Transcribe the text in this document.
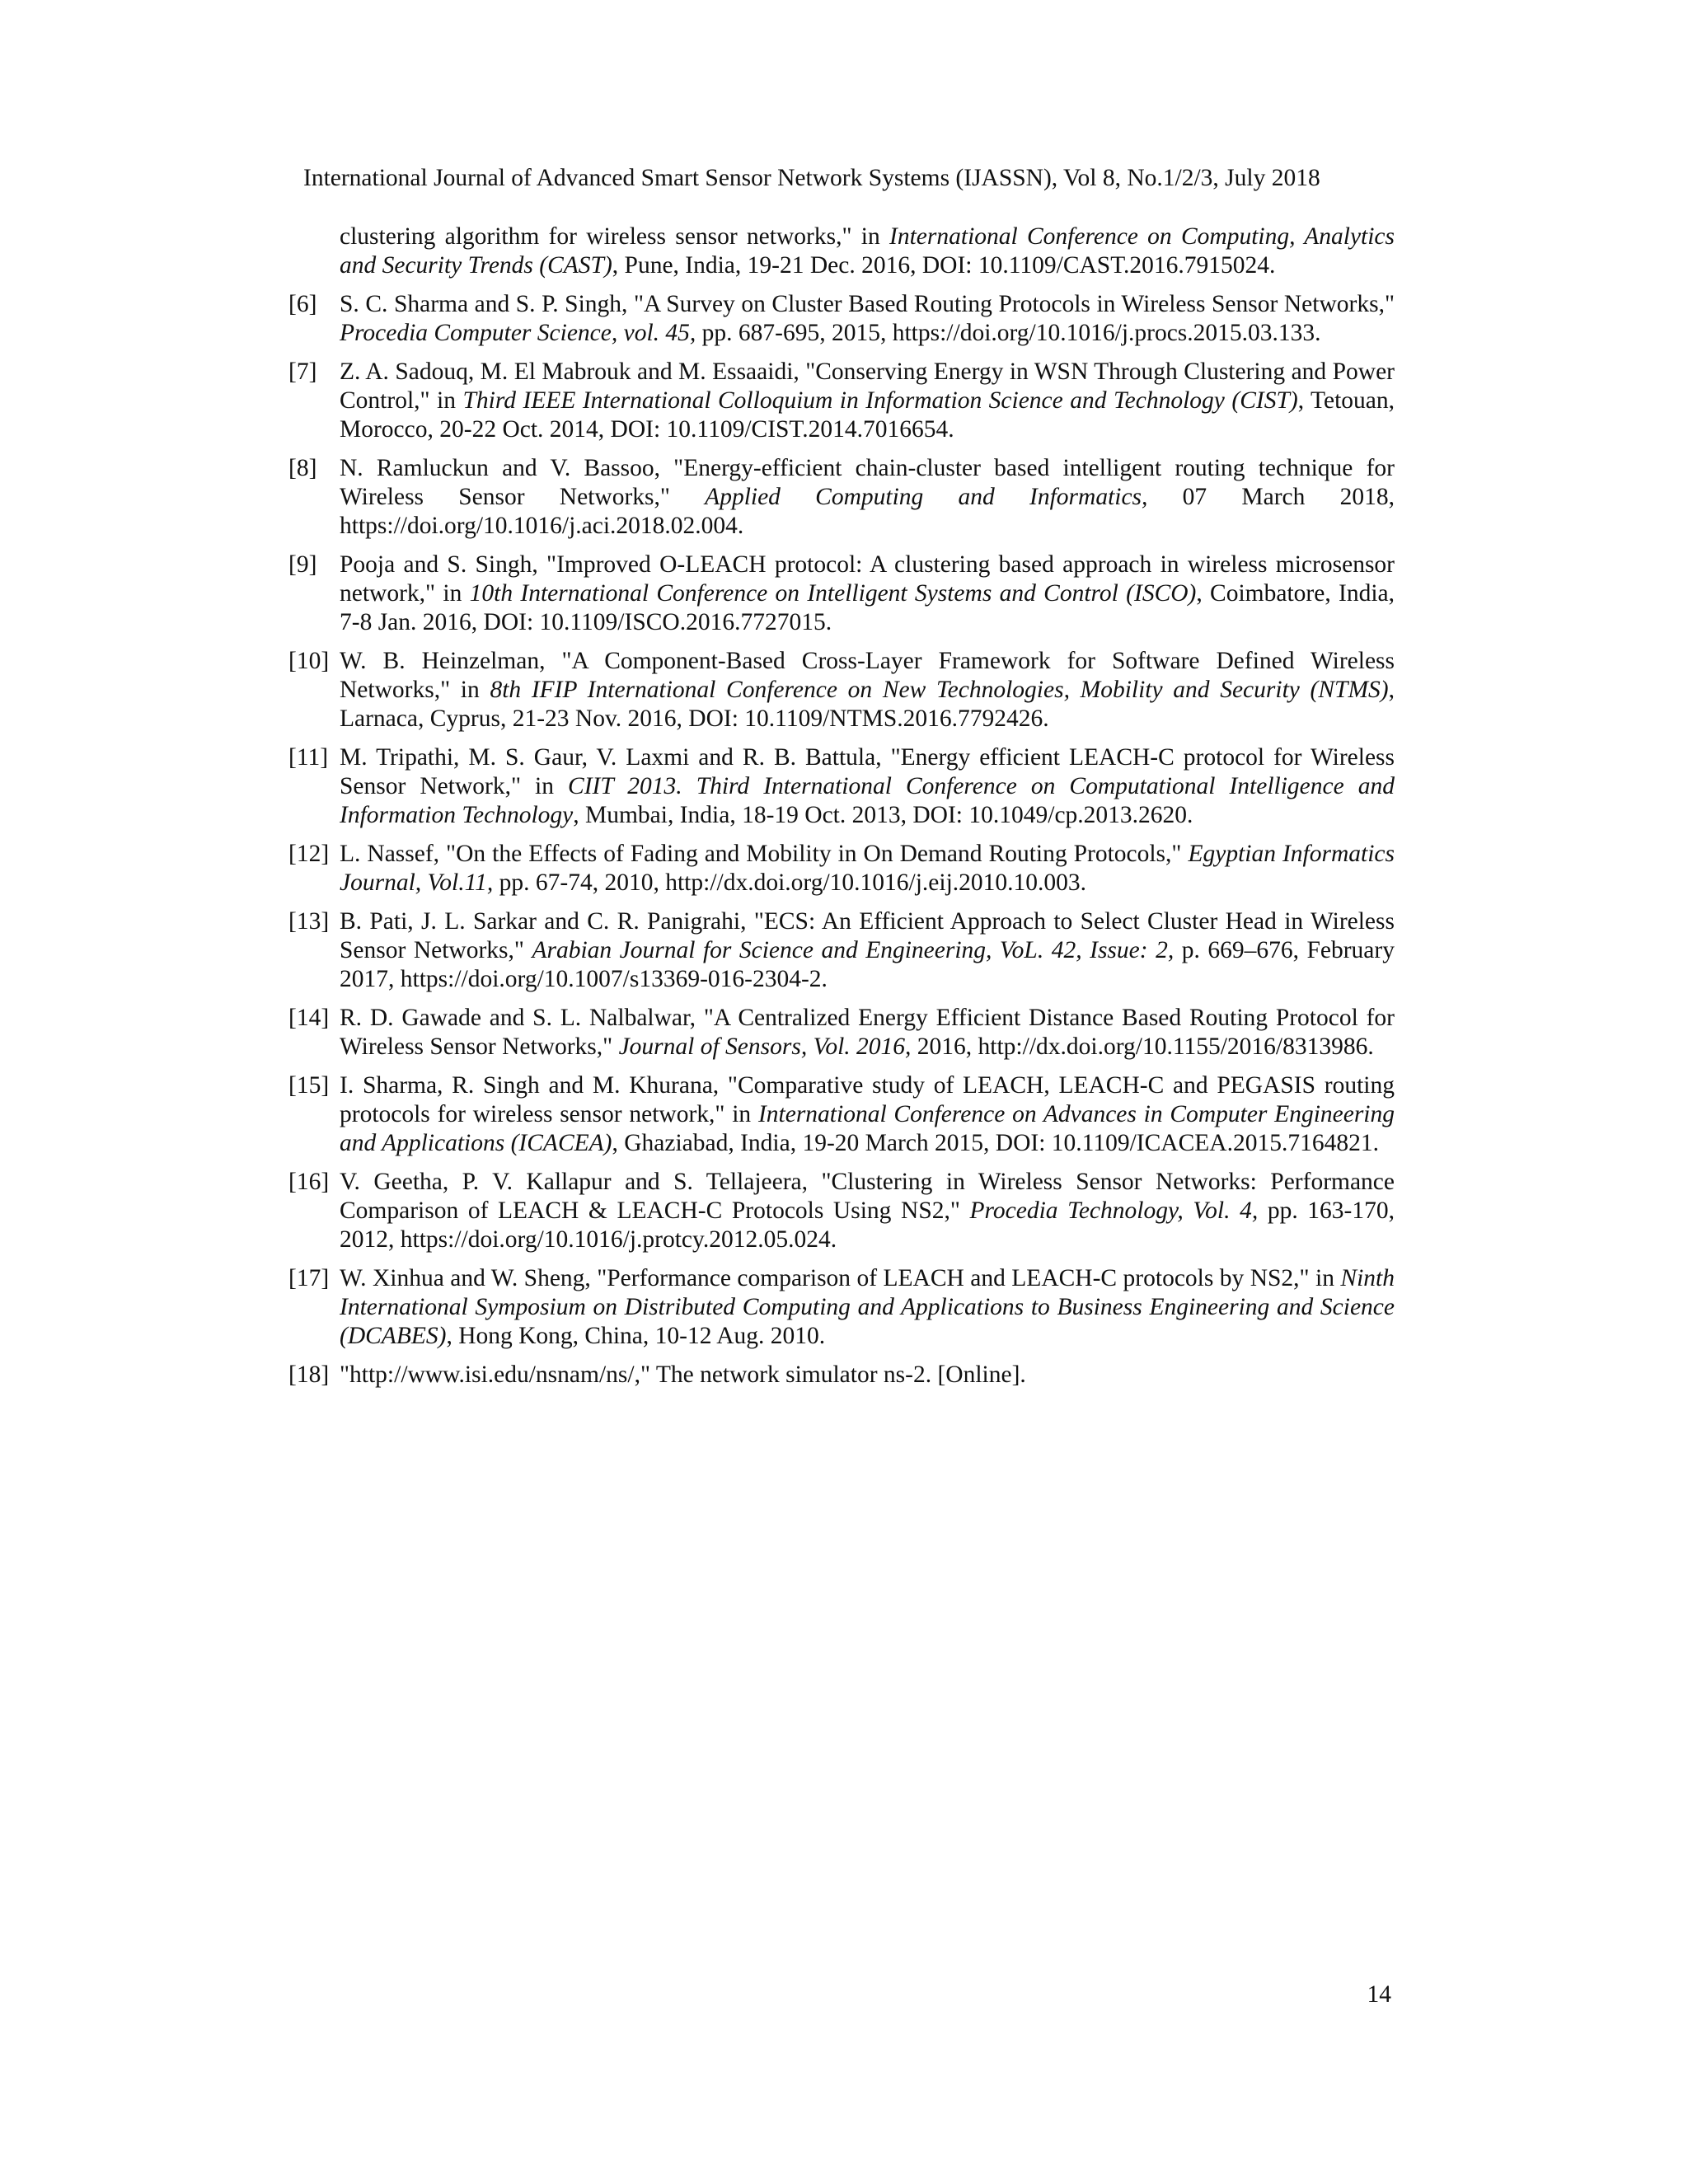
International Journal of Advanced Smart Sensor Network Systems (IJASSN), Vol 8, No.1/2/3, July 2018
clustering algorithm for wireless sensor networks," in International Conference on Computing, Analytics and Security Trends (CAST), Pune, India, 19-21 Dec. 2016, DOI: 10.1109/CAST.2016.7915024.
[6] S. C. Sharma and S. P. Singh, "A Survey on Cluster Based Routing Protocols in Wireless Sensor Networks," Procedia Computer Science, vol. 45, pp. 687-695, 2015, https://doi.org/10.1016/j.procs.2015.03.133.
[7] Z. A. Sadouq, M. El Mabrouk and M. Essaaidi, "Conserving Energy in WSN Through Clustering and Power Control," in Third IEEE International Colloquium in Information Science and Technology (CIST), Tetouan, Morocco, 20-22 Oct. 2014, DOI: 10.1109/CIST.2014.7016654.
[8] N. Ramluckun and V. Bassoo, "Energy-efficient chain-cluster based intelligent routing technique for Wireless Sensor Networks," Applied Computing and Informatics, 07 March 2018, https://doi.org/10.1016/j.aci.2018.02.004.
[9] Pooja and S. Singh, "Improved O-LEACH protocol: A clustering based approach in wireless microsensor network," in 10th International Conference on Intelligent Systems and Control (ISCO), Coimbatore, India, 7-8 Jan. 2016, DOI: 10.1109/ISCO.2016.7727015.
[10] W. B. Heinzelman, "A Component-Based Cross-Layer Framework for Software Defined Wireless Networks," in 8th IFIP International Conference on New Technologies, Mobility and Security (NTMS), Larnaca, Cyprus, 21-23 Nov. 2016, DOI: 10.1109/NTMS.2016.7792426.
[11] M. Tripathi, M. S. Gaur, V. Laxmi and R. B. Battula, "Energy efficient LEACH-C protocol for Wireless Sensor Network," in CIIT 2013. Third International Conference on Computational Intelligence and Information Technology, Mumbai, India, 18-19 Oct. 2013, DOI: 10.1049/cp.2013.2620.
[12] L. Nassef, "On the Effects of Fading and Mobility in On Demand Routing Protocols," Egyptian Informatics Journal, Vol.11, pp. 67-74, 2010, http://dx.doi.org/10.1016/j.eij.2010.10.003.
[13] B. Pati, J. L. Sarkar and C. R. Panigrahi, "ECS: An Efficient Approach to Select Cluster Head in Wireless Sensor Networks," Arabian Journal for Science and Engineering, VoL. 42, Issue: 2, p. 669–676, February 2017, https://doi.org/10.1007/s13369-016-2304-2.
[14] R. D. Gawade and S. L. Nalbalwar, "A Centralized Energy Efficient Distance Based Routing Protocol for Wireless Sensor Networks," Journal of Sensors, Vol. 2016, 2016, http://dx.doi.org/10.1155/2016/8313986.
[15] I. Sharma, R. Singh and M. Khurana, "Comparative study of LEACH, LEACH-C and PEGASIS routing protocols for wireless sensor network," in International Conference on Advances in Computer Engineering and Applications (ICACEA), Ghaziabad, India, 19-20 March 2015, DOI: 10.1109/ICACEA.2015.7164821.
[16] V. Geetha, P. V. Kallapur and S. Tellajeera, "Clustering in Wireless Sensor Networks: Performance Comparison of LEACH & LEACH-C Protocols Using NS2," Procedia Technology, Vol. 4, pp. 163-170, 2012, https://doi.org/10.1016/j.protcy.2012.05.024.
[17] W. Xinhua and W. Sheng, "Performance comparison of LEACH and LEACH-C protocols by NS2," in Ninth International Symposium on Distributed Computing and Applications to Business Engineering and Science (DCABES), Hong Kong, China, 10-12 Aug. 2010.
[18] "http://www.isi.edu/nsnam/ns/," The network simulator ns-2. [Online].
14
